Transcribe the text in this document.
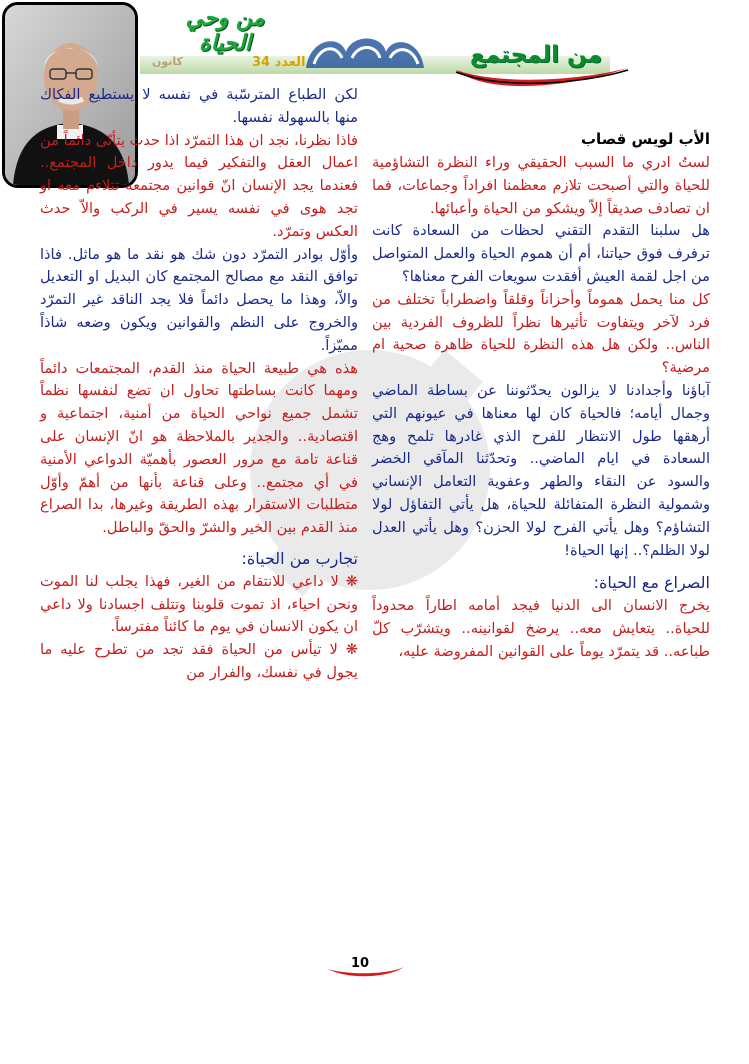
من وحي الحياة
كانون	العدد 34	من المجتمع
الأب لويس قصاب

لستُ ادري ما السبب الحقيقي وراء النظرة التشاؤمية للحياة والتي أصبحت تلازم معظمنا افراداً وجماعات، فما ان تصادف صديقاً إلاّ ويشكو من الحياة وأعبائها.

هل سلبنا التقدم التقني لحظات من السعادة كانت ترفرف فوق حياتنا، أم أن هموم الحياة والعمل المتواصل من اجل لقمة العيش أفقدت سويعات الفرح معناها؟

كل منا يحمل هموماً وأحزاناً وقلقاً واضطراباً تختلف من فرد لآخر ويتفاوت تأثيرها نظراً للظروف الفردية بين الناس.. ولكن هل هذه النظرة للحياة ظاهرة صحية ام مرضية؟

آباؤنا وأجدادنا لا يزالون يحدّثوننا عن بساطة الماضي وجمال أيامه؛ فالحياة كان لها معناها في عيونهم التي أرهقها طول الانتظار للفرح الذي غادرها تلمح وهج السعادة في ايام الماضي.. وتحدّثنا المآقي الخضر والسود عن النقاء والطهر وعفوية التعامل الإنساني وشمولية النظرة المتفائلة للحياة، هل يأتي التفاؤل لولا التشاؤم؟ وهل يأتي الفرح لولا الحزن؟ وهل يأتي العدل لولا الظلم؟.. إنها الحياة!

الصراع مع الحياة:

يخرج الانسان الى الدنيا فيجد أمامه اطاراً محدوداً للحياة.. يتعايش معه.. يرضخ لقوانينه.. ويتشرّب كلّ طباعه.. قد يتمرّد يوماً على القوانين المفروضة عليه،

لكن الطباع المترسّبة في نفسه لا يستطيع الفكاك منها بالسهولة نفسها.

فاذا نظرنا، نجد ان هذا التمرّد اذا حدث يتأتّى دائماً من اعمال العقل والتفكير فيما يدور داخل المجتمع.. فعندما يجد الإنسان انّ قوانين مجتمعه تتلاءم معه او تجد هوى في نفسه يسير في الركب والاّ حدث العكس وتمرّد.

وأوّل بوادر التمرّد دون شك هو نقد ما هو ماثل. فاذا توافق النقد مع مصالح المجتمع كان البديل او التعديل والاّ، وهذا ما يحصل دائماً فلا يجد الناقد غير التمرّد والخروج على النظم والقوانين ويكون وضعه شاذاً مميّزاً.

هذه هي طبيعة الحياة منذ القدم، المجتمعات دائماً ومهما كانت بساطتها تحاول ان تضع لنفسها نظماً تشمل جميع نواحي الحياة من أمنية، اجتماعية و اقتصادية.. والجدير بالملاحظة هو انّ الإنسان على قناعة تامة مع مرور العصور بأهميّة الدواعي الأمنية في أي مجتمع.. وعلى قناعة بأنها من أهمّ وأوّل متطلبات الاستقرار بهذه الطريقة وغيرها، بدا الصراع منذ القدم بين الخير والشرّ والحقّ والباطل.

تجارب من الحياة:

❋ لا داعي للانتقام من الغير، فهذا يجلب لنا الموت ونحن احياء، اذ تموت قلوبنا وتتلف اجسادنا ولا داعي ان يكون الانسان في يوم ما كائناً مفترساً.

❋ لا تيأس من الحياة فقد تجد من تطرح عليه ما يجول في نفسك، والفرار من

10
